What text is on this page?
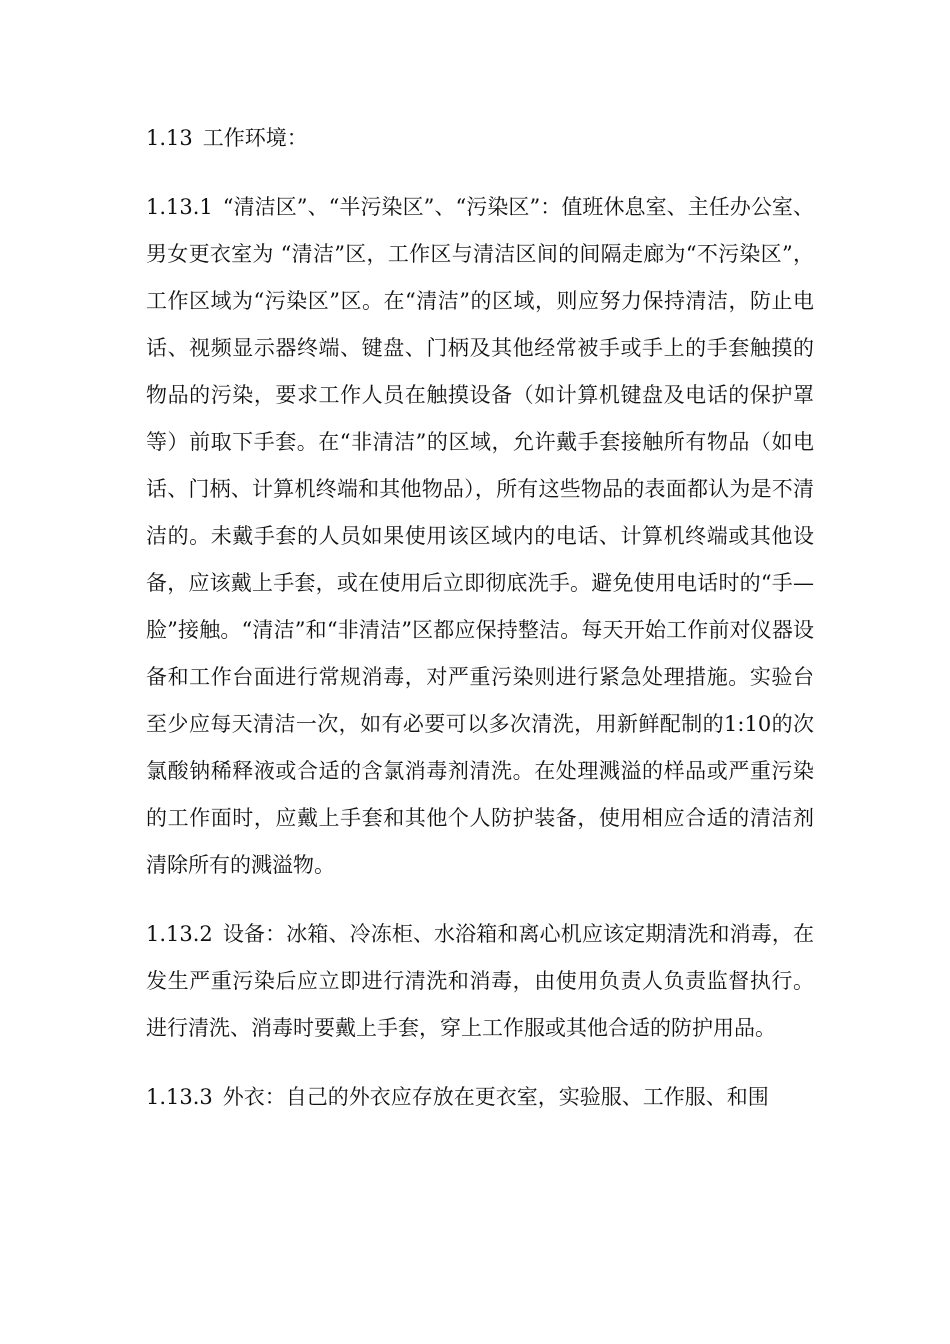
1.13 工作环境：

1.13.1 “清洁区”、“半污染区”、“污染区”：值班休息室、主任办公室、男女更衣室为 “清洁”区，工作区与清洁区间的间隔走廊为“不污染区”，工作区域为“污染区”区。在“清洁”的区域，则应努力保持清洁，防止电话、视频显示器终端、键盘、门柄及其他经常被手或手上的手套触摸的物品的污染，要求工作人员在触摸设备（如计算机键盘及电话的保护罩等）前取下手套。在“非清洁”的区域，允许戴手套接触所有物品（如电话、门柄、计算机终端和其他物品），所有这些物品的表面都认为是不清洁的。未戴手套的人员如果使用该区域内的电话、计算机终端或其他设备，应该戴上手套，或在使用后立即彻底洗手。避免使用电话时的“手—脸”接触。“清洁”和“非清洁”区都应保持整洁。每天开始工作前对仪器设备和工作台面进行常规消毒，对严重污染则进行紧急处理措施。实验台至少应每天清洁一次，如有必要可以多次清洗，用新鲜配制的1:10的次氯酸钠稀释液或合适的含氯消毒剂清洗。在处理溅溢的样品或严重污染的工作面时，应戴上手套和其他个人防护装备，使用相应合适的清洁剂清除所有的溅溢物。

1.13.2 设备：冰箱、冷冻柜、水浴箱和离心机应该定期清洗和消毒，在发生严重污染后应立即进行清洗和消毒，由使用负责人负责监督执行。进行清洗、消毒时要戴上手套，穿上工作服或其他合适的防护用品。

1.13.3 外衣：自己的外衣应存放在更衣室，实验服、工作服、和围
